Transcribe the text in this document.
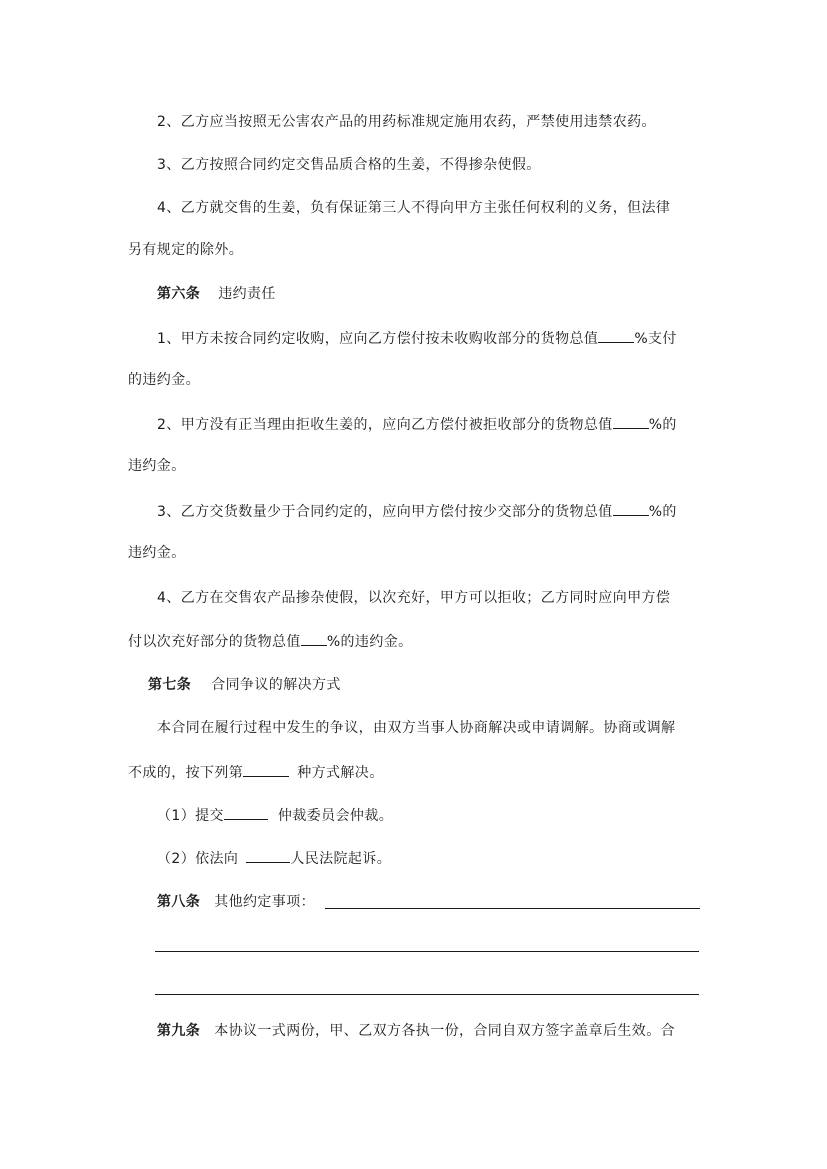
2、乙方应当按照无公害农产品的用药标准规定施用农药，严禁使用违禁农药。
3、乙方按照合同约定交售品质合格的生姜，不得掺杂使假。
4、乙方就交售的生姜，负有保证第三人不得向甲方主张任何权利的义务，但法律
另有规定的除外。
第六条 违约责任
1、甲方未按合同约定收购，应向乙方偿付按未收购收部分的货物总值	%支付
的违约金。
2、甲方没有正当理由拒收生姜的，应向乙方偿付被拒收部分的货物总值	%的
违约金。
3、乙方交货数量少于合同约定的，应向甲方偿付按少交部分的货物总值	%的
违约金。
4、乙方在交售农产品掺杂使假，以次充好，甲方可以拒收；乙方同时应向甲方偿
付以次充好部分的货物总值 %的违约金。
第七条 合同争议的解决方式
本合同在履行过程中发生的争议，由双方当事人协商解决或申请调解。协商或调解
不成的，按下列第	种方式解决。
（1）提交	仲裁委员会仲裁。
（2）依法向	人民法院起诉。
第八条 其他约定事项：
第九条 本协议一式两份，甲、乙双方各执一份，合同自双方签字盖章后生效。合
